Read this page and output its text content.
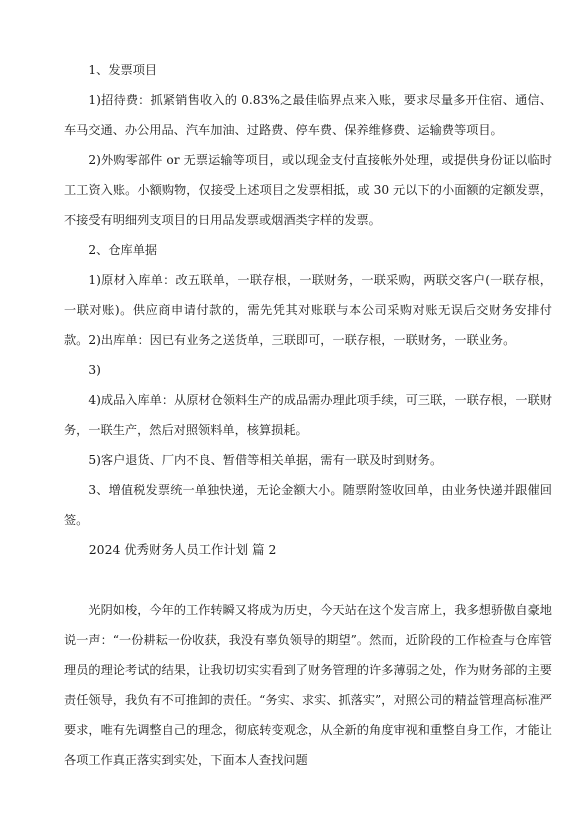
1、发票项目

1)招待费：抓紧销售收入的 0.83%之最佳临界点来入账，要求尽量多开住宿、通信、车马交通、办公用品、汽车加油、过路费、停车费、保养维修费、运输费等项目。

2)外购零部件 or 无票运输等项目，或以现金支付直接帐外处理，或提供身份证以临时工工资入账。小额购物，仅接受上述项目之发票相抵，或 30 元以下的小面额的定额发票，不接受有明细列支项目的日用品发票或烟酒类字样的发票。

2、仓库单据

1)原材入库单：改五联单，一联存根，一联财务，一联采购，两联交客户(一联存根，一联对账)。供应商申请付款的，需先凭其对账联与本公司采购对账无误后交财务安排付款。 2)出库单：因已有业务之送货单，三联即可，一联存根，一联财务，一联业务。

3)

4)成品入库单：从原材仓领料生产的成品需办理此项手续，可三联，一联存根，一联财务，一联生产，然后对照领料单，核算损耗。

5)客户退货、厂内不良、暂借等相关单据，需有一联及时到财务。

3、增值税发票统一单独快递，无论金额大小。随票附签收回单，由业务快递并跟催回签。

2024 优秀财务人员工作计划 篇 2

光阴如梭，今年的工作转瞬又将成为历史，今天站在这个发言席上，我多想骄傲自豪地说一声：“一份耕耘一份收获，我没有辜负领导的期望”。然而，近阶段的工作检查与仓库管理员的理论考试的结果，让我切切实实看到了财务管理的许多薄弱之处，作为财务部的主要责任领导，我负有不可推卸的责任。“务实、求实、抓落实”，对照公司的精益管理高标准严要求，唯有先调整自己的理念，彻底转变观念，从全新的角度审视和重整自身工作，才能让各项工作真正落实到实处，下面本人查找问题
